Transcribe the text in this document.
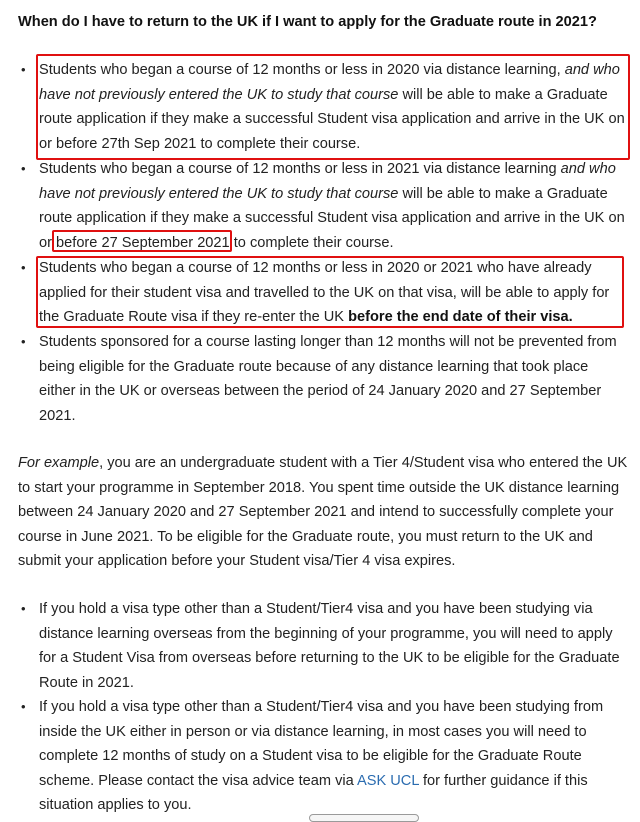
When do I have to return to the UK if I want to apply for the Graduate route in 2021?
• Students who began a course of 12 months or less in 2020 via distance learning, and who
have not previously entered the UK to study that course will be able to make a Graduate
route application if they make a successful Student visa application and arrive in the UK on
or before 27th Sep 2021 to complete their course.
• Students who began a course of 12 months or less in 2021 via distance learning and who
have not previously entered the UK to study that course will be able to make a Graduate
route application if they make a successful Student visa application and arrive in the UK on
or before 27 September 2021 to complete their course.
• Students who began a course of 12 months or less in 2020 or 2021 who have already
applied for their student visa and travelled to the UK on that visa, will be able to apply for
the Graduate Route visa if they re-enter the UK before the end date of their visa.
• Students sponsored for a course lasting longer than 12 months will not be prevented from
being eligible for the Graduate route because of any distance learning that took place
either in the UK or overseas between the period of 24 January 2020 and 27 September
2021.
For example, you are an undergraduate student with a Tier 4/Student visa who entered the UK
to start your programme in September 2018. You spent time outside the UK distance learning
between 24 January 2020 and 27 September 2021 and intend to successfully complete your
course in June 2021. To be eligible for the Graduate route, you must return to the UK and
submit your application before your Student visa/Tier 4 visa expires.
• If you hold a visa type other than a Student/Tier4 visa and you have been studying via
distance learning overseas from the beginning of your programme, you will need to apply
for a Student Visa from overseas before returning to the UK to be eligible for the Graduate
Route in 2021.
• If you hold a visa type other than a Student/Tier4 visa and you have been studying from
inside the UK either in person or via distance learning, in most cases you will need to
complete 12 months of study on a Student visa to be eligible for the Graduate Route
scheme. Please contact the visa advice team via ASK UCL for further guidance if this
situation applies to you.
